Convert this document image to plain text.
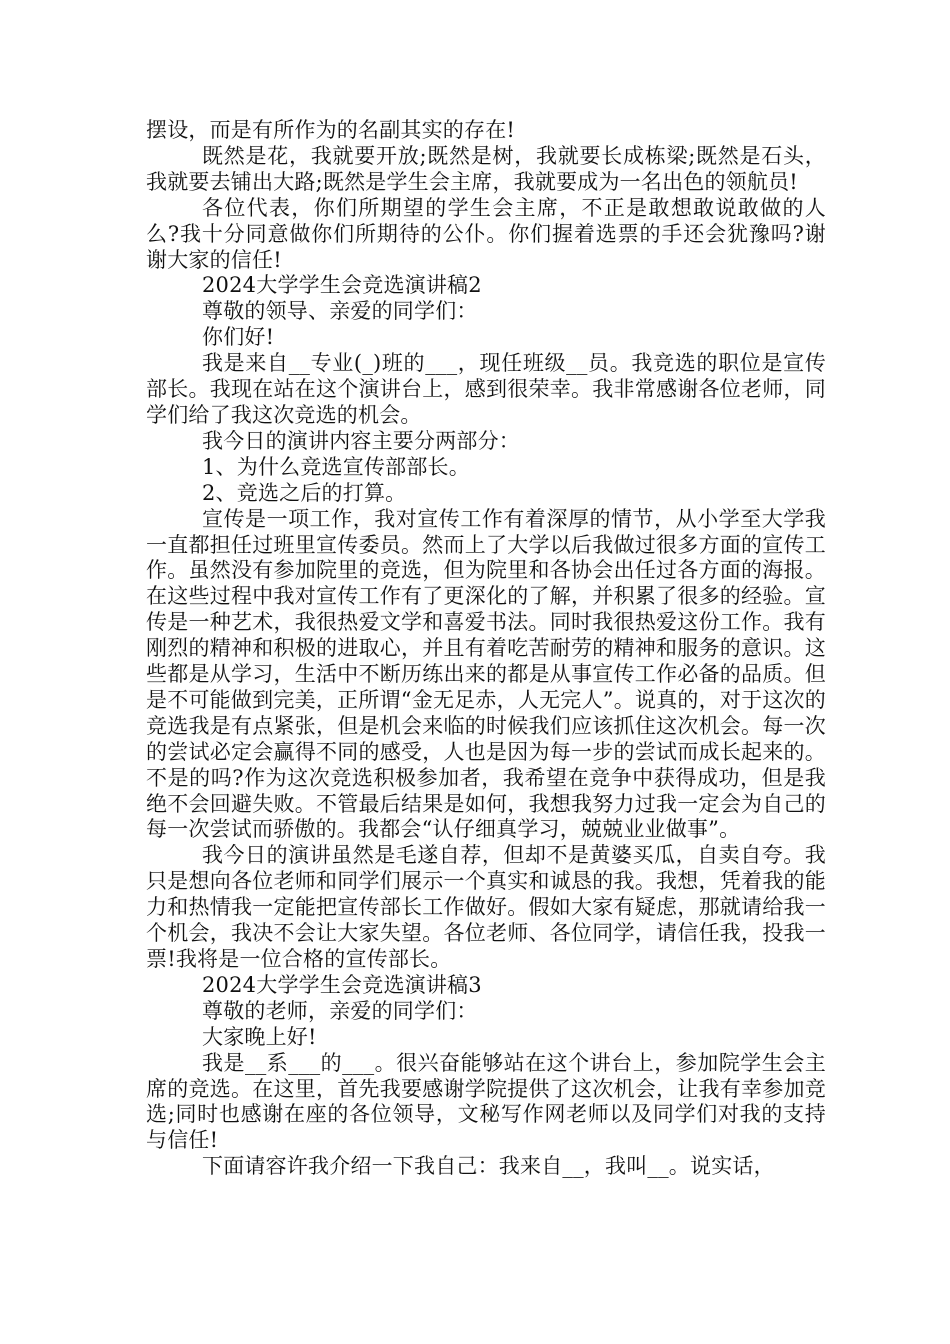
摆设，而是有所作为的名副其实的存在!

既然是花，我就要开放;既然是树，我就要长成栋梁;既然是石头，我就要去铺出大路;既然是学生会主席，我就要成为一名出色的领航员!

各位代表，你们所期望的学生会主席，不正是敢想敢说敢做的人么?我十分同意做你们所期待的公仆。你们握着选票的手还会犹豫吗?谢谢大家的信任!

2024大学学生会竞选演讲稿2

尊敬的领导、亲爱的同学们：

你们好!

我是来自__专业(_)班的___，现任班级__员。我竞选的职位是宣传部长。我现在站在这个演讲台上，感到很荣幸。我非常感谢各位老师，同学们给了我这次竞选的机会。

我今日的演讲内容主要分两部分：

1、为什么竞选宣传部部长。

2、竞选之后的打算。

宣传是一项工作，我对宣传工作有着深厚的情节，从小学至大学我一直都担任过班里宣传委员。然而上了大学以后我做过很多方面的宣传工作。虽然没有参加院里的竞选，但为院里和各协会出任过各方面的海报。在这些过程中我对宣传工作有了更深化的了解，并积累了很多的经验。宣传是一种艺术，我很热爱文学和喜爱书法。同时我很热爱这份工作。我有刚烈的精神和积极的进取心，并且有着吃苦耐劳的精神和服务的意识。这些都是从学习，生活中不断历练出来的都是从事宣传工作必备的品质。但是不可能做到完美，正所谓“金无足赤，人无完人”。说真的，对于这次的竞选我是有点紧张，但是机会来临的时候我们应该抓住这次机会。每一次的尝试必定会赢得不同的感受，人也是因为每一步的尝试而成长起来的。不是的吗?作为这次竞选积极参加者，我希望在竞争中获得成功，但是我绝不会回避失败。不管最后结果是如何，我想我努力过我一定会为自己的每一次尝试而骄傲的。我都会“认仔细真学习，兢兢业业做事”。

我今日的演讲虽然是毛遂自荐，但却不是黄婆买瓜，自卖自夸。我只是想向各位老师和同学们展示一个真实和诚恳的我。我想，凭着我的能力和热情我一定能把宣传部长工作做好。假如大家有疑虑，那就请给我一个机会，我决不会让大家失望。各位老师、各位同学，请信任我，投我一票!我将是一位合格的宣传部长。

2024大学学生会竞选演讲稿3

尊敬的老师，亲爱的同学们：

大家晚上好!

我是__系___的___。很兴奋能够站在这个讲台上，参加院学生会主席的竞选。在这里，首先我要感谢学院提供了这次机会，让我有幸参加竞选;同时也感谢在座的各位领导，文秘写作网老师以及同学们对我的支持与信任!

下面请容许我介绍一下我自己：我来自__，我叫__。说实话，
